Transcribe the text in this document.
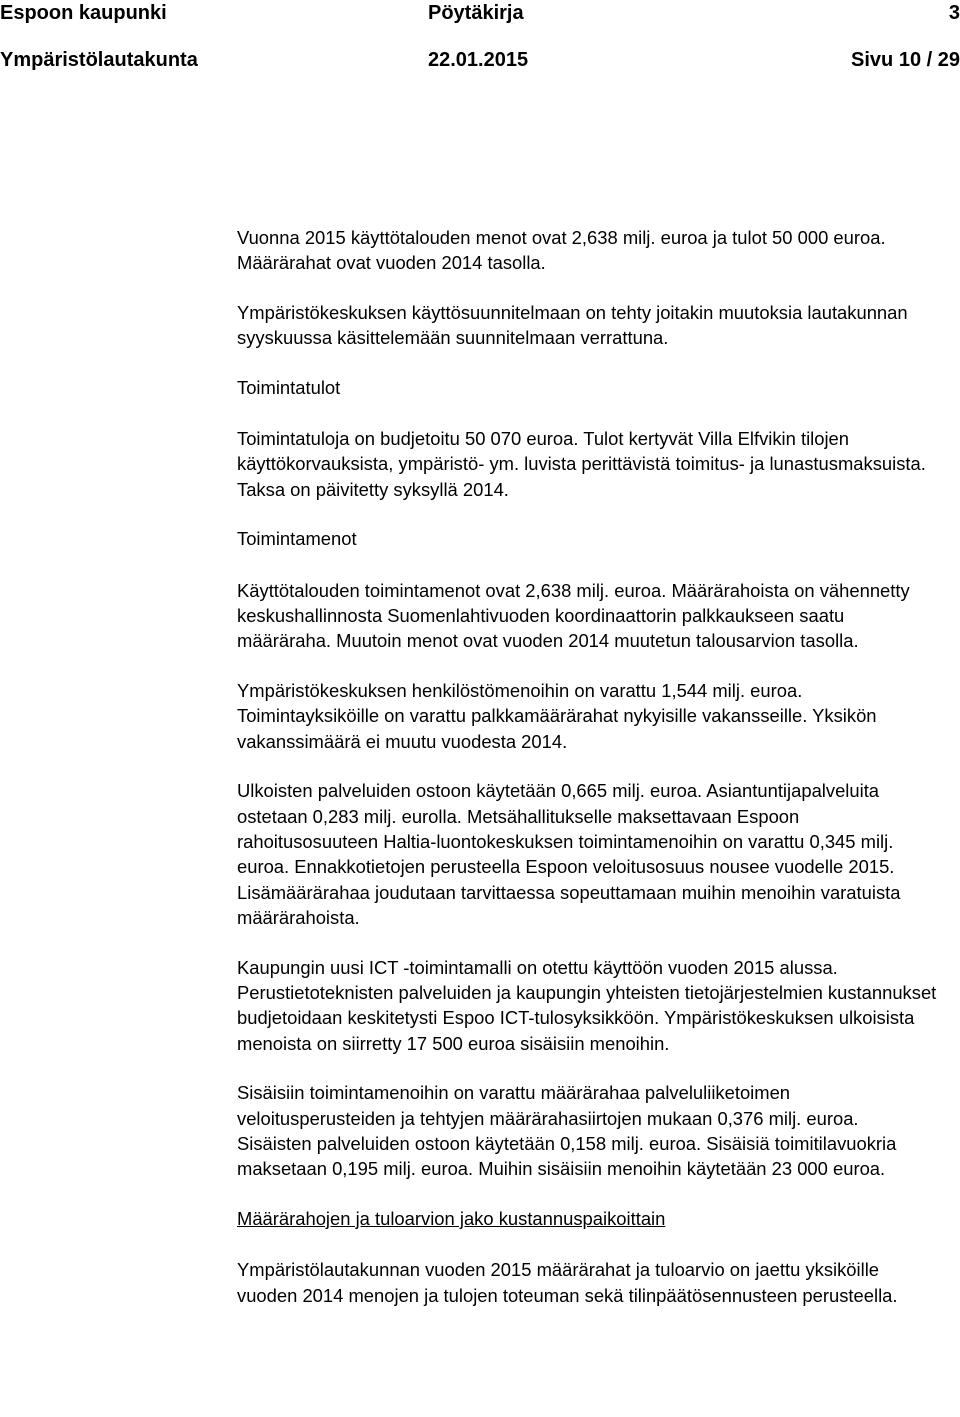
Espoon kaupunki	Pöytäkirja	3
Ympäristölautakunta	22.01.2015	Sivu 10 / 29

Vuonna 2015 käyttötalouden menot ovat 2,638 milj. euroa ja tulot 50 000 euroa. Määrärahat ovat vuoden 2014 tasolla.

Ympäristökeskuksen käyttösuunnitelmaan on tehty joitakin muutoksia lautakunnan syyskuussa käsittelemään suunnitelmaan verrattuna.

Toimintatulot

Toimintatuloja on budjetoitu 50 070 euroa. Tulot kertyvät Villa Elfvikin tilojen käyttökorvauksista, ympäristö- ym. luvista perittävistä toimitus- ja lunastusmaksuista. Taksa on päivitetty syksyllä 2014.

Toimintamenot

Käyttötalouden toimintamenot ovat 2,638 milj. euroa. Määrärahoista on vähennetty keskushallinnosta Suomenlahtivuoden koordinaattorin palkkaukseen saatu määräraha. Muutoin menot ovat vuoden 2014 muutetun talousarvion tasolla.

Ympäristökeskuksen henkilöstömenoihin on varattu 1,544 milj. euroa. Toimintayksiköille on varattu palkkamäärärahat nykyisille vakansseille. Yksikön vakanssimäärä ei muutu vuodesta 2014.

Ulkoisten palveluiden ostoon käytetään 0,665 milj. euroa. Asiantuntijapalveluita ostetaan 0,283 milj. eurolla. Metsähallitukselle maksettavaan Espoon rahoitusosuuteen Haltia-luontokeskuksen toimintamenoihin on varattu 0,345 milj. euroa. Ennakkotietojen perusteella Espoon veloitusosuus nousee vuodelle 2015. Lisämäärärahaa joudutaan tarvittaessa sopeuttamaan muihin menoihin varatuista määrärahoista.

Kaupungin uusi ICT -toimintamalli on otettu käyttöön vuoden 2015 alussa. Perustietoteknisten palveluiden ja kaupungin yhteisten tietojärjestelmien kustannukset budjetoidaan keskitetysti Espoo ICT-tulosyksikköön. Ympäristökeskuksen ulkoisista menoista on siirretty 17 500 euroa sisäisiin menoihin.

Sisäisiin toimintamenoihin on varattu määrärahaa palveluliiketoimen veloitusperusteiden ja tehtyjen määrärahasiirtojen mukaan 0,376 milj. euroa. Sisäisten palveluiden ostoon käytetään 0,158 milj. euroa. Sisäisiä toimitilavuokria maksetaan 0,195 milj. euroa. Muihin sisäisiin menoihin käytetään 23 000 euroa.

Määrärahojen ja tuloarvion jako kustannuspaikoittain

Ympäristölautakunnan vuoden 2015 määrärahat ja tuloarvio on jaettu yksiköille vuoden 2014 menojen ja tulojen toteuman sekä tilinpäätösennusteen perusteella.
